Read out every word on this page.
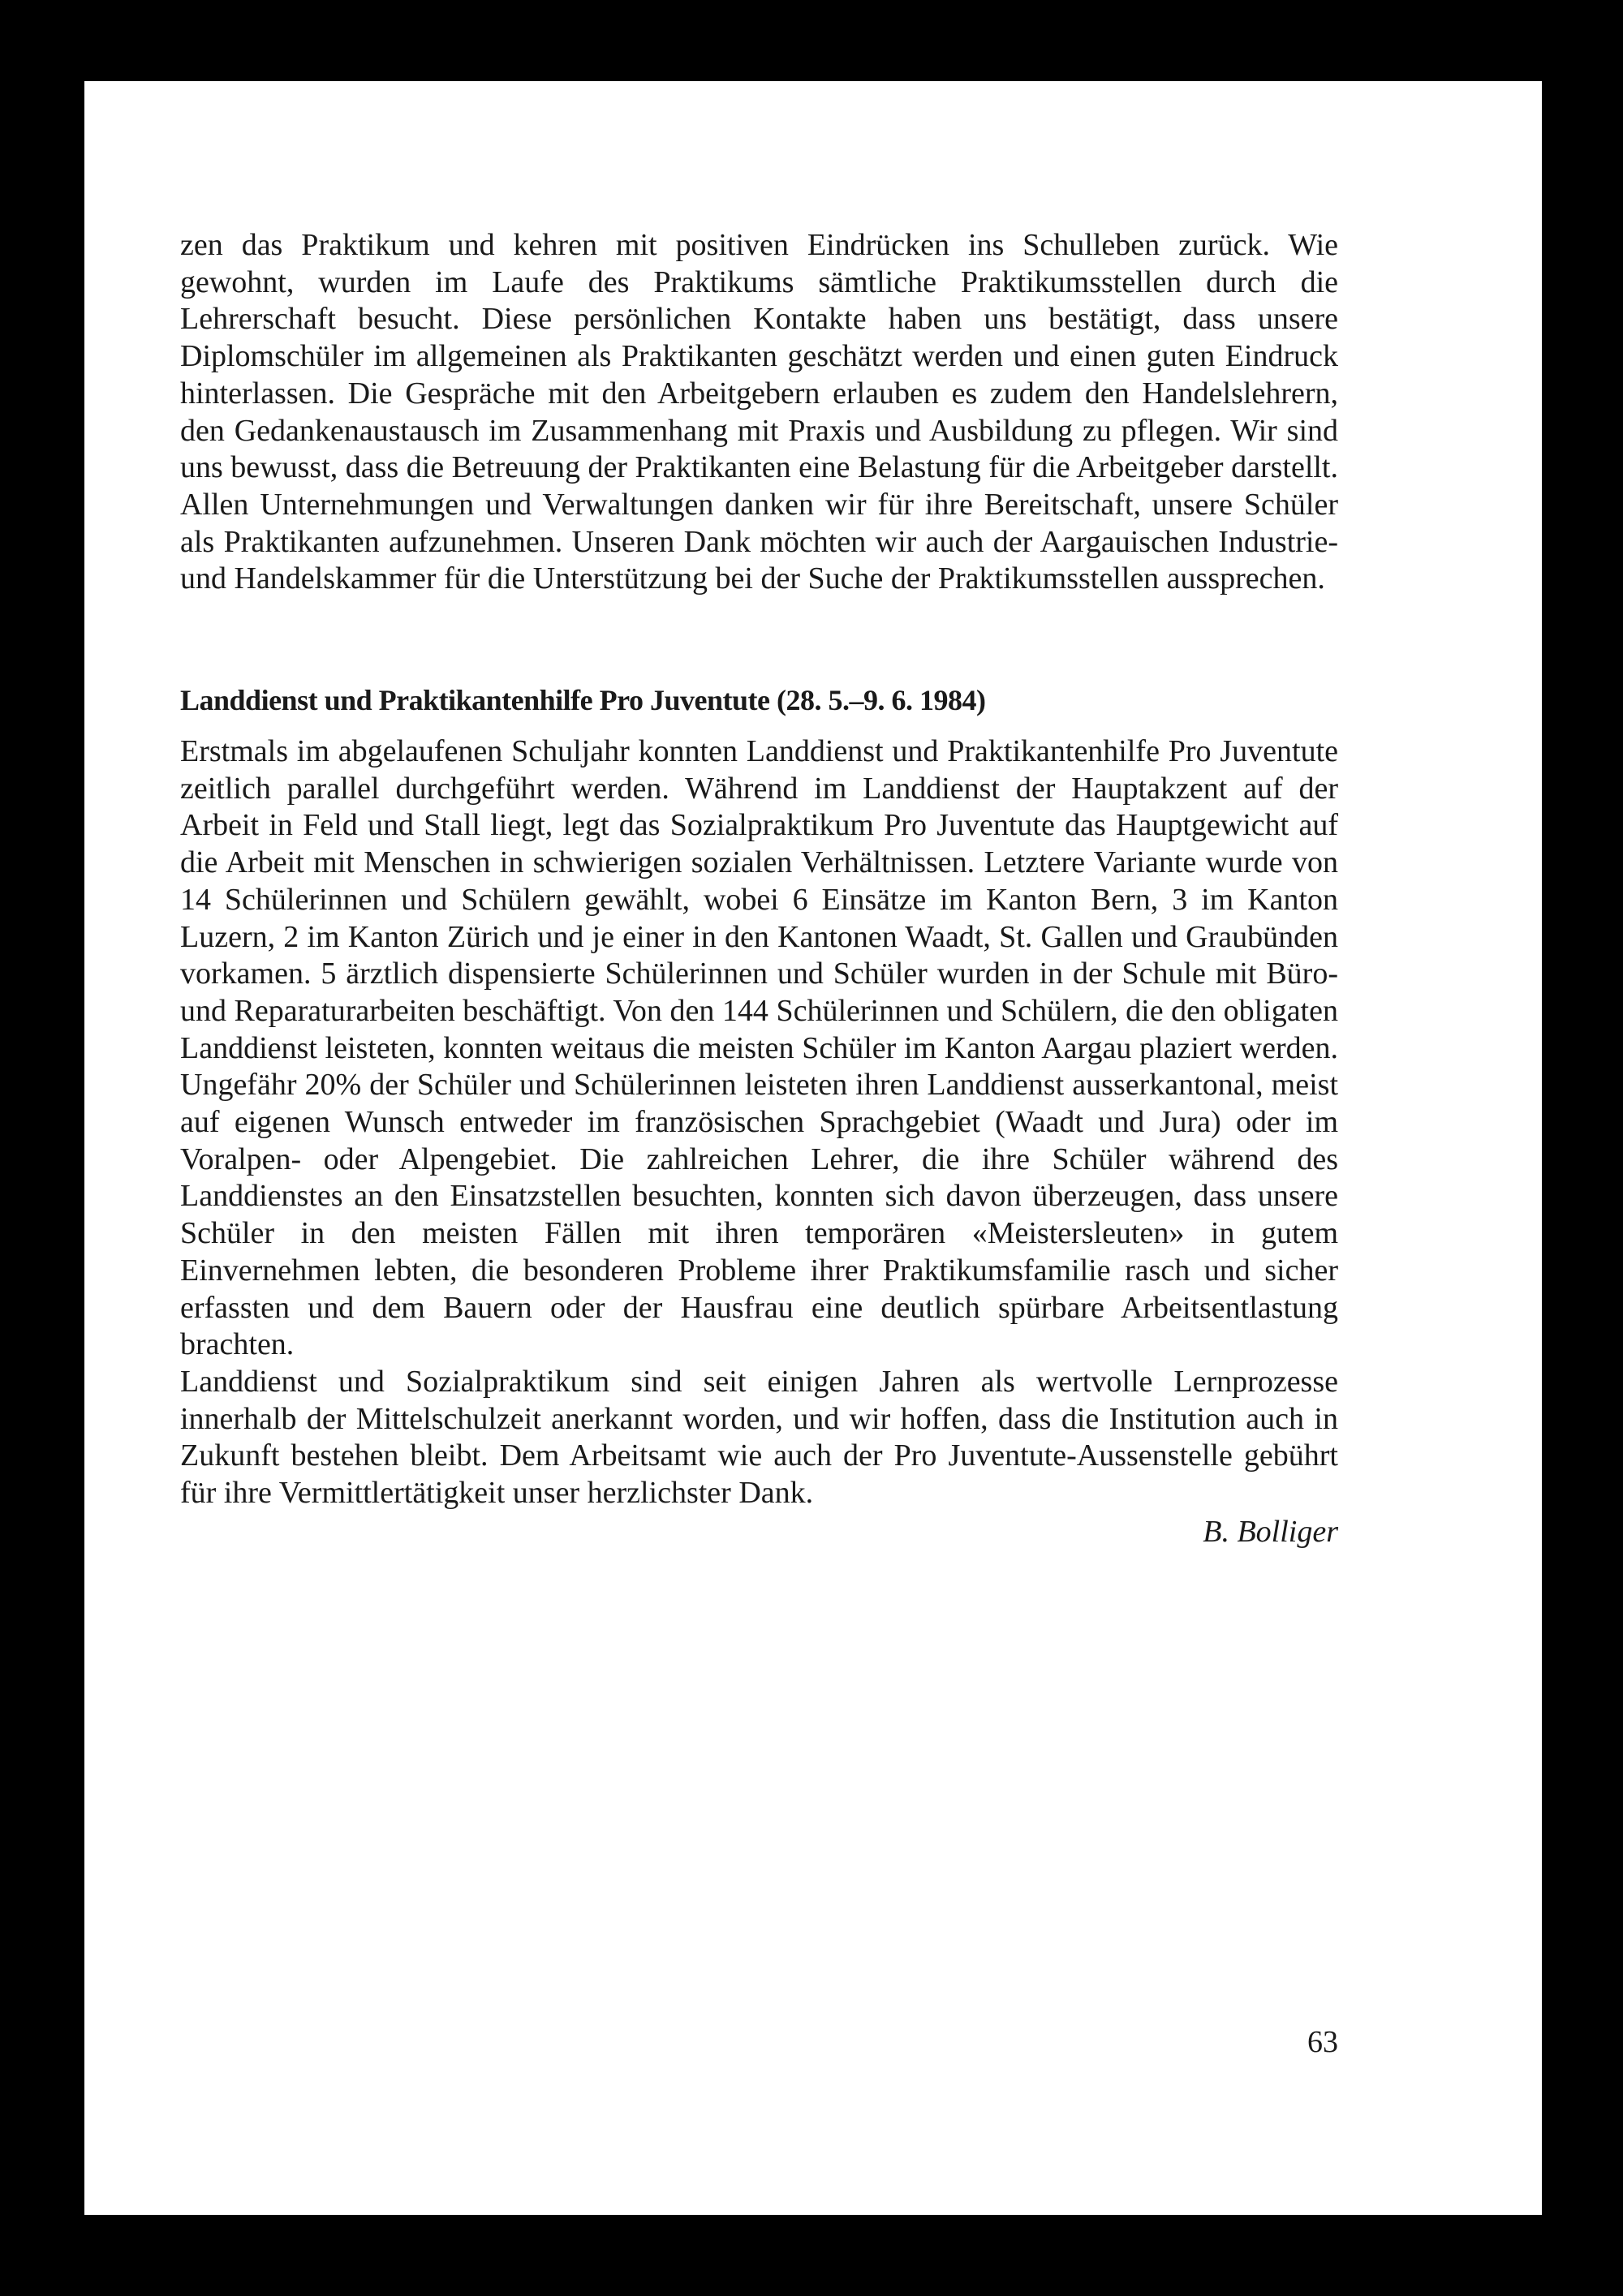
zen das Praktikum und kehren mit positiven Eindrücken ins Schulleben zurück. Wie gewohnt, wurden im Laufe des Praktikums sämtliche Praktikumsstellen durch die Lehrerschaft besucht. Diese persönlichen Kontakte haben uns bestätigt, dass unsere Diplomschüler im allgemeinen als Praktikanten geschätzt werden und einen guten Eindruck hinterlassen. Die Gespräche mit den Arbeitgebern erlauben es zudem den Handelslehrern, den Gedankenaustausch im Zusammenhang mit Praxis und Ausbildung zu pflegen. Wir sind uns bewusst, dass die Betreuung der Praktikanten eine Belastung für die Arbeitgeber darstellt. Allen Unternehmungen und Verwaltungen danken wir für ihre Bereitschaft, unsere Schüler als Praktikanten aufzunehmen. Unseren Dank möchten wir auch der Aargauischen Industrie- und Handelskammer für die Unterstützung bei der Suche der Praktikumsstellen aussprechen.

Landdienst und Praktikantenhilfe Pro Juventute (28. 5.–9. 6. 1984)

Erstmals im abgelaufenen Schuljahr konnten Landdienst und Praktikantenhilfe Pro Juventute zeitlich parallel durchgeführt werden. Während im Landdienst der Hauptakzent auf der Arbeit in Feld und Stall liegt, legt das Sozialpraktikum Pro Juventute das Hauptgewicht auf die Arbeit mit Menschen in schwierigen sozialen Verhältnissen. Letztere Variante wurde von 14 Schülerinnen und Schülern gewählt, wobei 6 Einsätze im Kanton Bern, 3 im Kanton Luzern, 2 im Kanton Zürich und je einer in den Kantonen Waadt, St. Gallen und Graubünden vorkamen. 5 ärztlich dispensierte Schülerinnen und Schüler wurden in der Schule mit Büro- und Reparaturarbeiten beschäftigt. Von den 144 Schülerinnen und Schülern, die den obligaten Landdienst leisteten, konnten weitaus die meisten Schüler im Kanton Aargau plaziert werden. Ungefähr 20% der Schüler und Schülerinnen leisteten ihren Landdienst ausserkantonal, meist auf eigenen Wunsch entweder im französischen Sprachgebiet (Waadt und Jura) oder im Voralpen- oder Alpengebiet. Die zahlreichen Lehrer, die ihre Schüler während des Landdienstes an den Einsatzstellen besuchten, konnten sich davon überzeugen, dass unsere Schüler in den meisten Fällen mit ihren temporären «Meistersleuten» in gutem Einvernehmen lebten, die besonderen Probleme ihrer Praktikumsfamilie rasch und sicher erfassten und dem Bauern oder der Hausfrau eine deutlich spürbare Arbeitsentlastung brachten.

Landdienst und Sozialpraktikum sind seit einigen Jahren als wertvolle Lernprozesse innerhalb der Mittelschulzeit anerkannt worden, und wir hoffen, dass die Institution auch in Zukunft bestehen bleibt. Dem Arbeitsamt wie auch der Pro Juventute-Aussenstelle gebührt für ihre Vermittlertätigkeit unser herzlichster Dank.

B. Bolliger

63
